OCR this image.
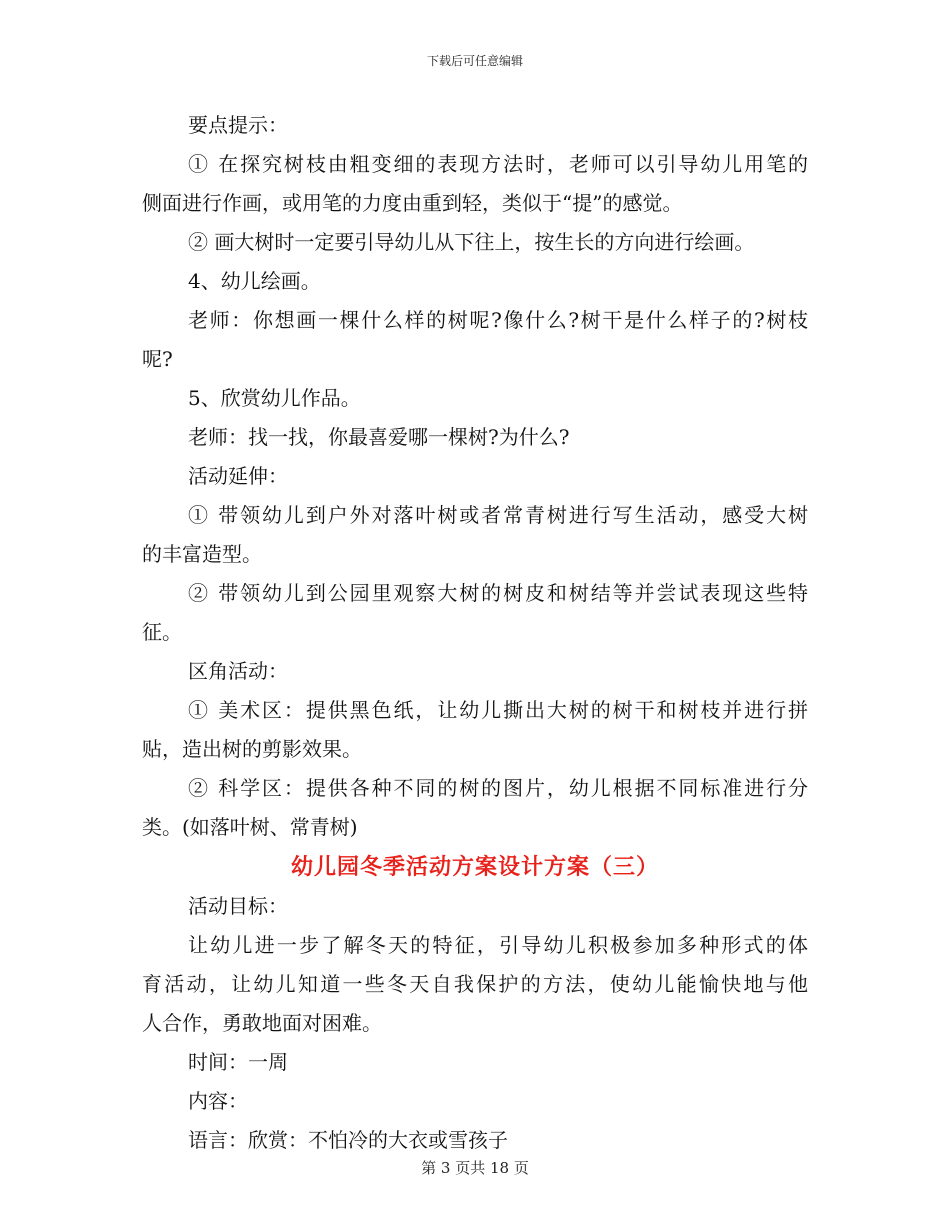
下载后可任意编辑
要点提示：
① 在探究树枝由粗变细的表现方法时，老师可以引导幼儿用笔的
侧面进行作画，或用笔的力度由重到轻，类似于“提”的感觉。
② 画大树时一定要引导幼儿从下往上，按生长的方向进行绘画。
4、幼儿绘画。
老师：你想画一棵什么样的树呢?像什么?树干是什么样子的?树枝
呢?
5、欣赏幼儿作品。
老师：找一找，你最喜爱哪一棵树?为什么?
活动延伸：
① 带领幼儿到户外对落叶树或者常青树进行写生活动，感受大树
的丰富造型。
② 带领幼儿到公园里观察大树的树皮和树结等并尝试表现这些特
征。
区角活动：
① 美术区：提供黑色纸，让幼儿撕出大树的树干和树枝并进行拼
贴，造出树的剪影效果。
② 科学区：提供各种不同的树的图片，幼儿根据不同标准进行分
类。(如落叶树、常青树)
幼儿园冬季活动方案设计方案（三）
活动目标：
让幼儿进一步了解冬天的特征，引导幼儿积极参加多种形式的体
育活动，让幼儿知道一些冬天自我保护的方法，使幼儿能愉快地与他
人合作，勇敢地面对困难。
时间：一周
内容：
语言：欣赏：不怕冷的大衣或雪孩子
第 3 页共 18 页
